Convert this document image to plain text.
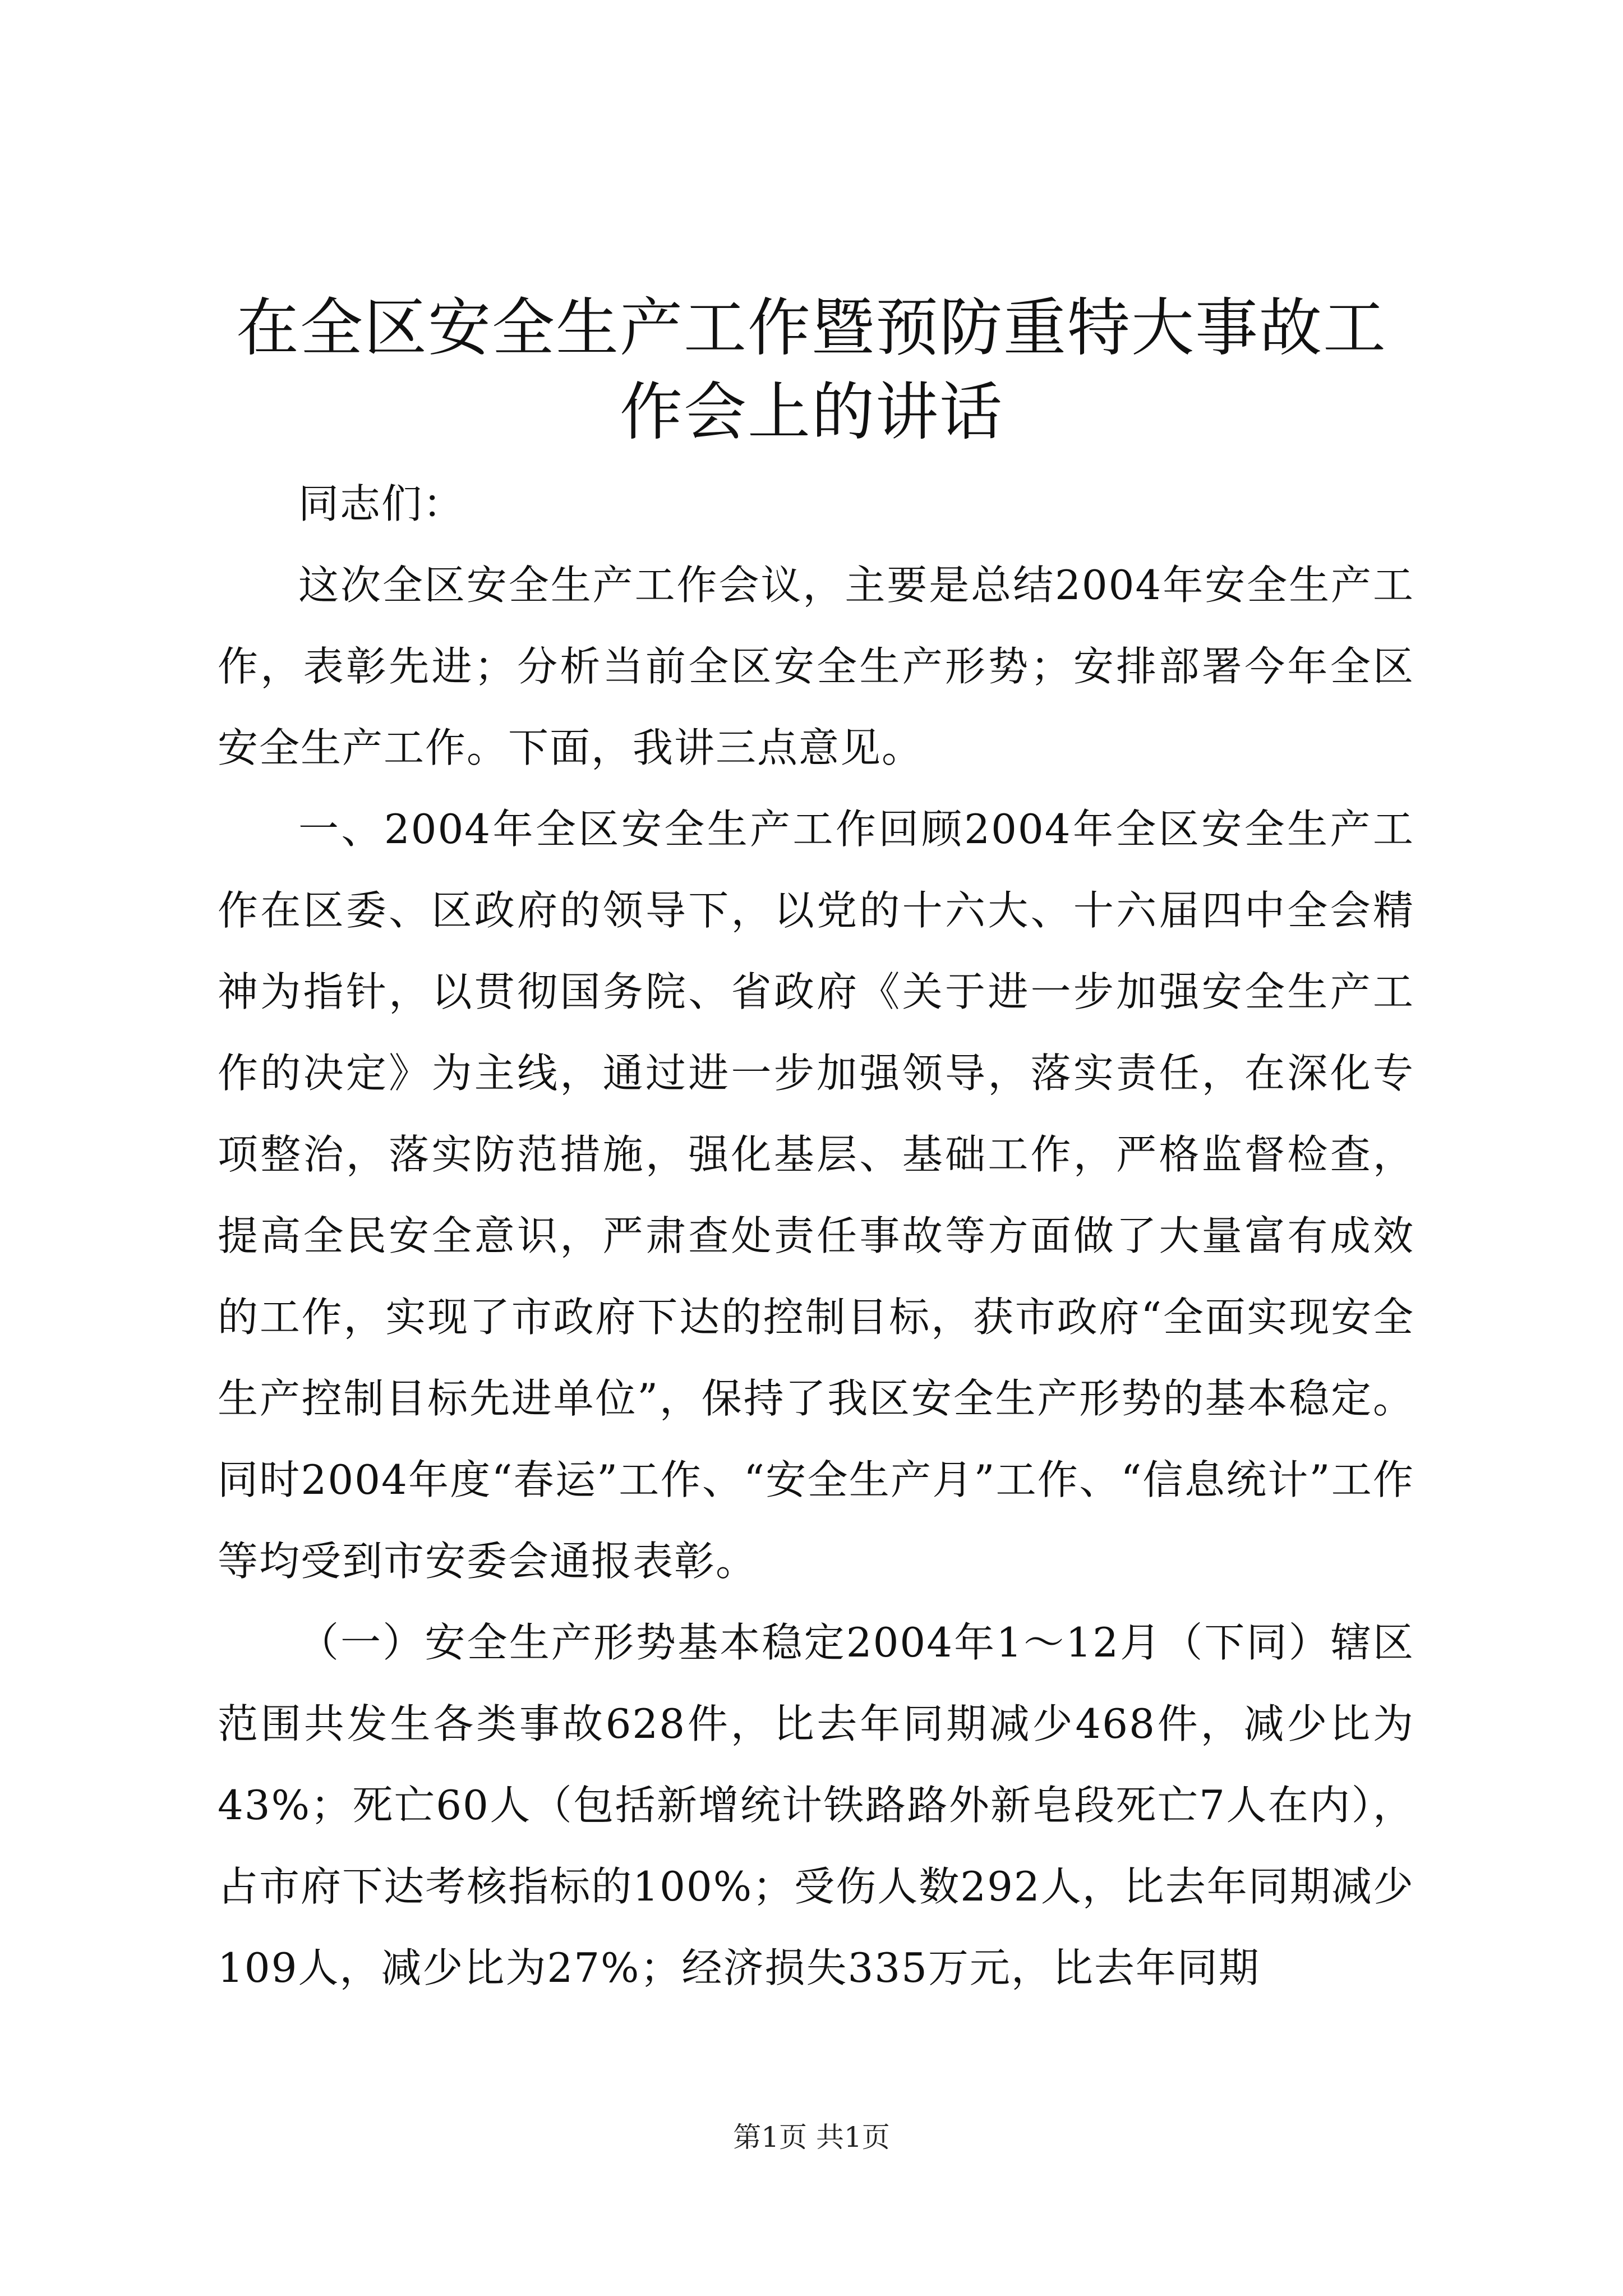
在全区安全生产工作暨预防重特大事故工作会上的讲话

同志们：

这次全区安全生产工作会议，主要是总结2004年安全生产工作，表彰先进；分析当前全区安全生产形势；安排部署今年全区安全生产工作。下面，我讲三点意见。

一、2004年全区安全生产工作回顾2004年全区安全生产工作在区委、区政府的领导下，以党的十六大、十六届四中全会精神为指针，以贯彻国务院、省政府《关于进一步加强安全生产工作的决定》为主线，通过进一步加强领导，落实责任，在深化专项整治，落实防范措施，强化基层、基础工作，严格监督检查，提高全民安全意识，严肃查处责任事故等方面做了大量富有成效的工作，实现了市政府下达的控制目标，获市政府“全面实现安全生产控制目标先进单位”，保持了我区安全生产形势的基本稳定。同时2004年度“春运”工作、“安全生产月”工作、“信息统计”工作等均受到市安委会通报表彰。

（一）安全生产形势基本稳定2004年1～12月（下同）辖区范围共发生各类事故628件，比去年同期减少468件，减少比为43%；死亡60人（包括新增统计铁路路外新皂段死亡7人在内），占市府下达考核指标的100%；受伤人数292人，比去年同期减少109人，减少比为27%；经济损失335万元，比去年同期

第1页 共1页
